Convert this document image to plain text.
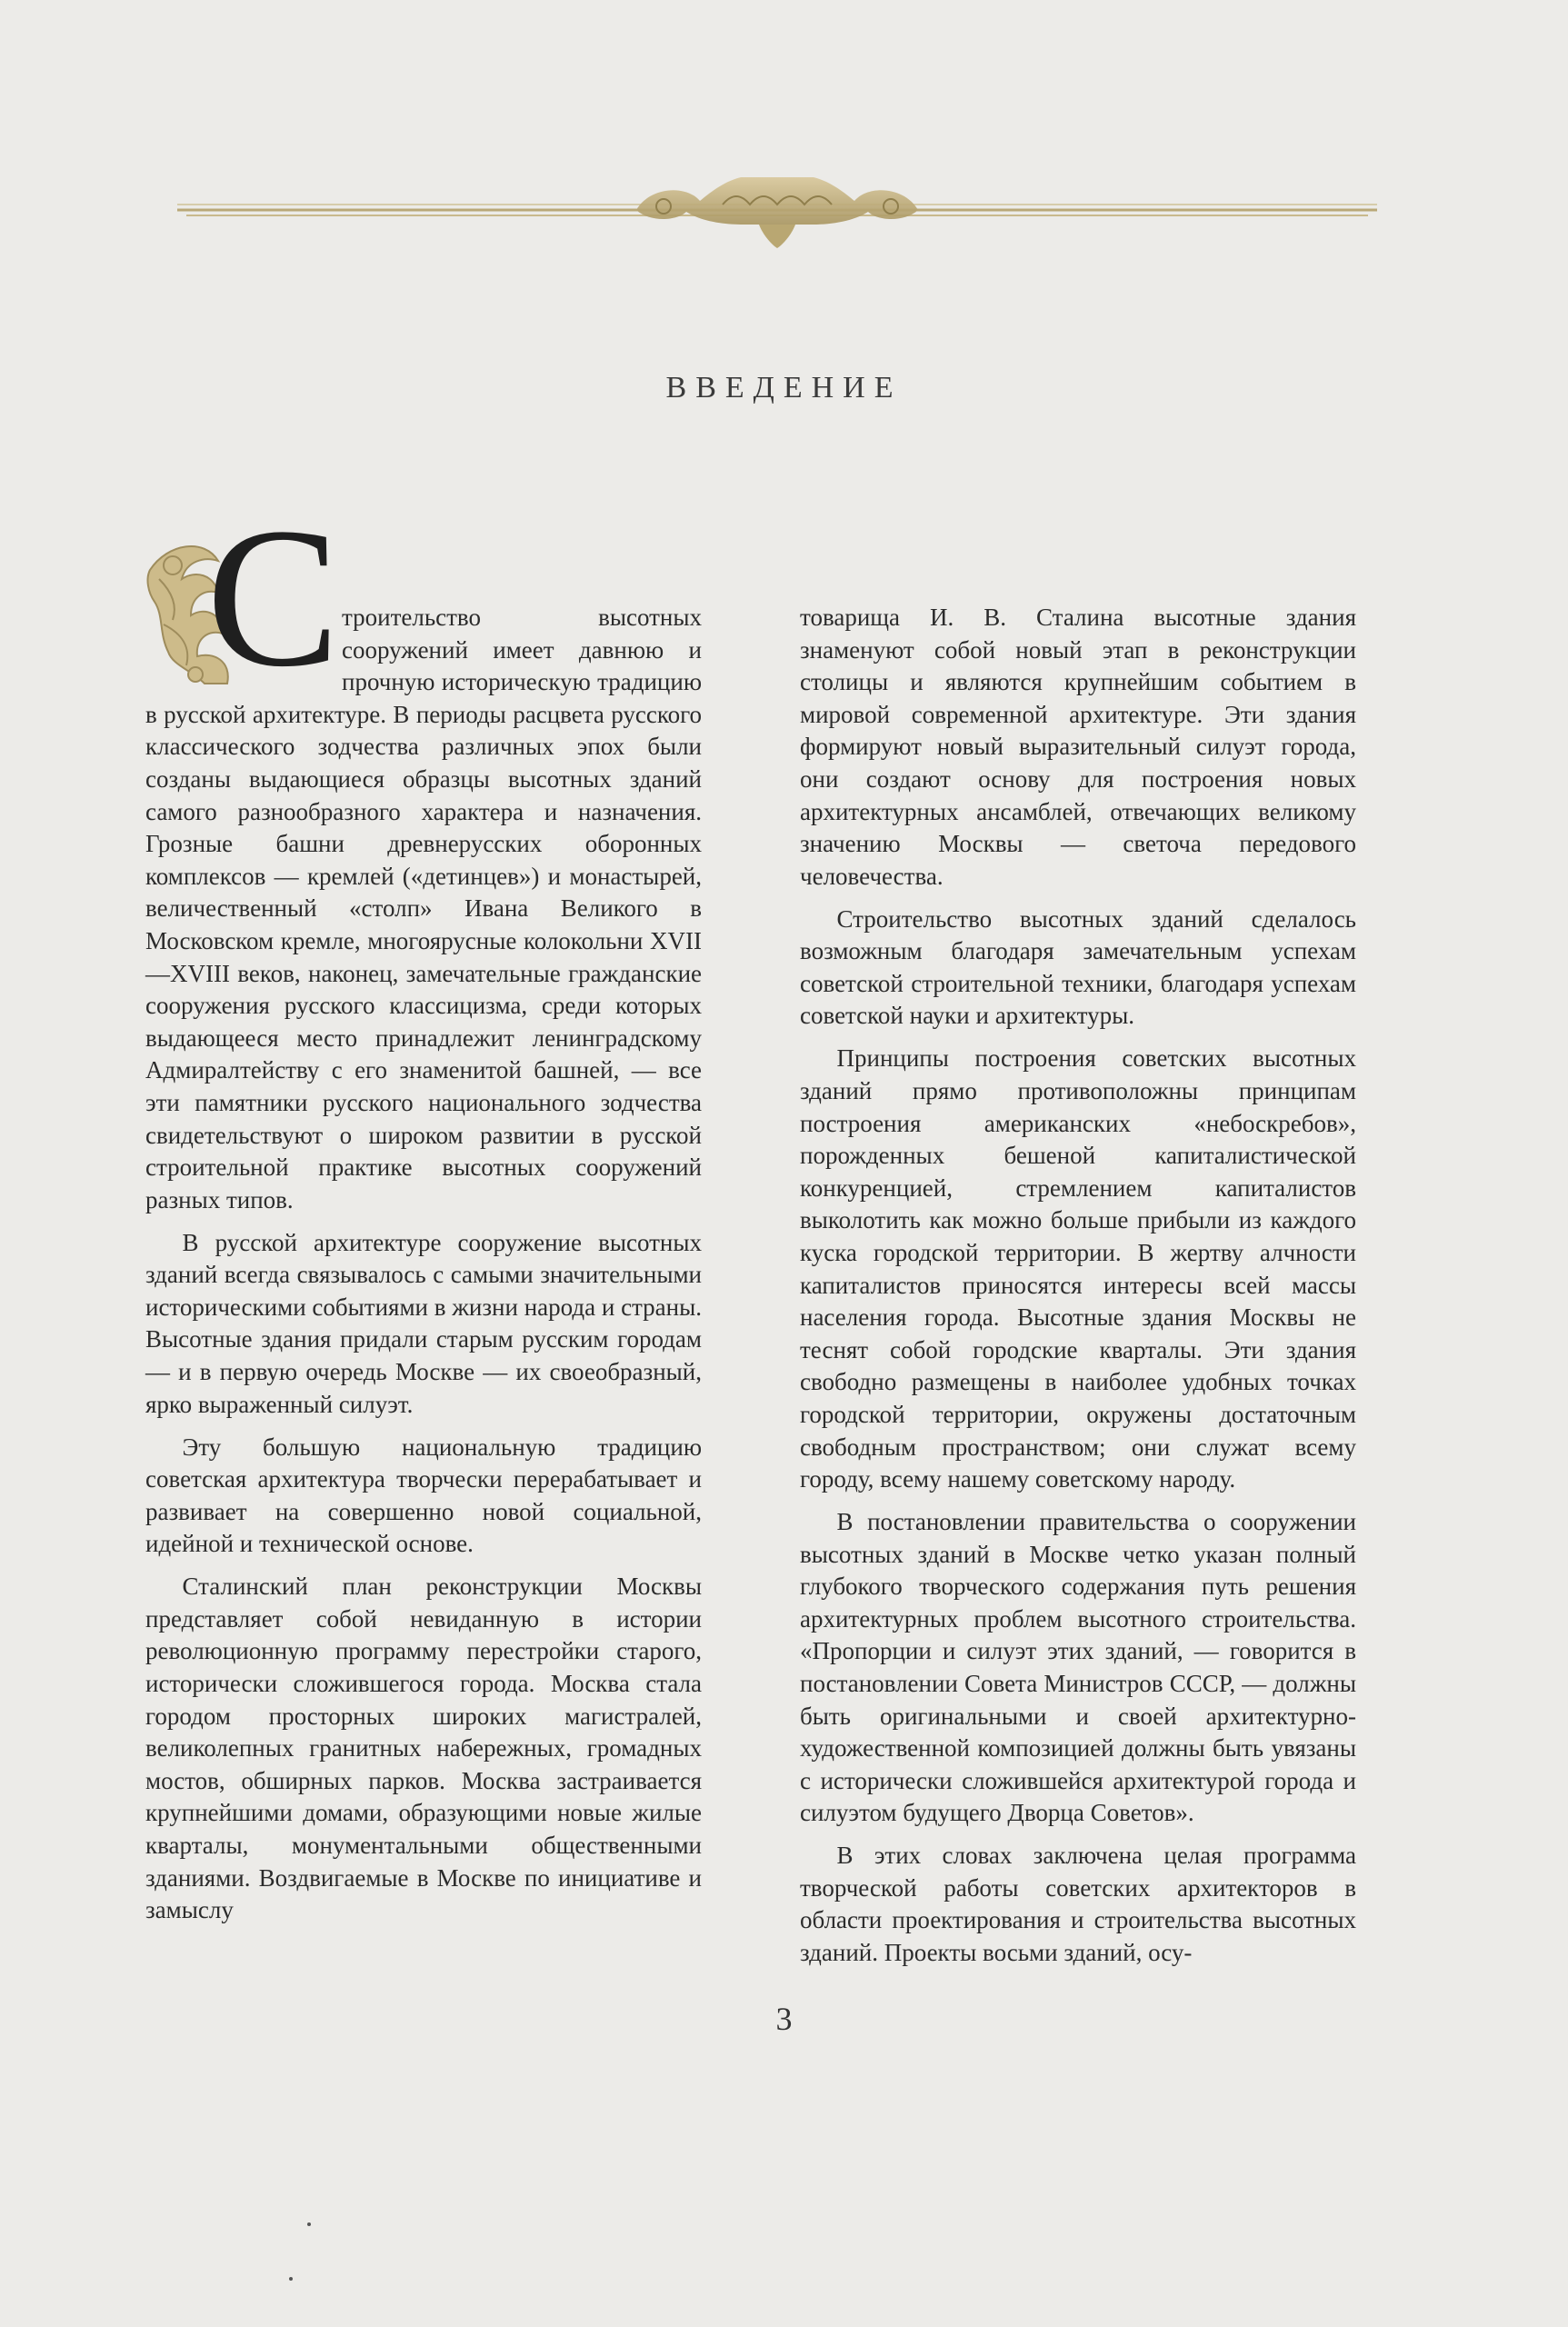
ВВЕДЕНИЕ

С троительство высотных сооружений имеет давнюю и прочную историческую традицию в русской архитектуре. В периоды расцвета русского классического зодчества различных эпох были созданы выдающиеся образцы высотных зданий самого разнообразного характера и назначения. Грозные башни древнерусских оборонных комплексов — кремлей («детинцев») и монастырей, величественный «столп» Ивана Великого в Московском кремле, многоярусные колокольни XVII—XVIII веков, наконец, замечательные гражданские сооружения русского классицизма, среди которых выдающееся место принадлежит ленинградскому Адмиралтейству с его знаменитой башней, — все эти памятники русского национального зодчества свидетельствуют о широком развитии в русской строительной практике высотных сооружений разных типов.

В русской архитектуре сооружение высотных зданий всегда связывалось с самыми значительными историческими событиями в жизни народа и страны. Высотные здания придали старым русским городам — и в первую очередь Москве — их своеобразный, ярко выраженный силуэт.

Эту большую национальную традицию советская архитектура творчески перерабатывает и развивает на совершенно новой социальной, идейной и технической основе.

Сталинский план реконструкции Москвы представляет собой невиданную в истории революционную программу перестройки старого, исторически сложившегося города. Москва стала городом просторных широких магистралей, великолепных гранитных набережных, громадных мостов, обширных парков. Москва застраивается крупнейшими домами, образующими новые жилые кварталы, монументальными общественными зданиями. Воздвигаемые в Москве по инициативе и замыслу

товарища И. В. Сталина высотные здания знаменуют собой новый этап в реконструкции столицы и являются крупнейшим событием в мировой современной архитектуре. Эти здания формируют новый выразительный силуэт города, они создают основу для построения новых архитектурных ансамблей, отвечающих великому значению Москвы — светоча передового человечества.

Строительство высотных зданий сделалось возможным благодаря замечательным успехам советской строительной техники, благодаря успехам советской науки и архитектуры.

Принципы построения советских высотных зданий прямо противоположны принципам построения американских «небоскребов», порожденных бешеной капиталистической конкуренцией, стремлением капиталистов выколотить как можно больше прибыли из каждого куска городской территории. В жертву алчности капиталистов приносятся интересы всей массы населения города. Высотные здания Москвы не теснят собой городские кварталы. Эти здания свободно размещены в наиболее удобных точках городской территории, окружены достаточным свободным пространством; они служат всему городу, всему нашему советскому народу.

В постановлении правительства о сооружении высотных зданий в Москве четко указан полный глубокого творческого содержания путь решения архитектурных проблем высотного строительства. «Пропорции и силуэт этих зданий, — говорится в постановлении Совета Министров СССР, — должны быть оригинальными и своей архитектурно-художественной композицией должны быть увязаны с исторически сложившейся архитектурой города и силуэтом будущего Дворца Советов».

В этих словах заключена целая программа творческой работы советских архитекторов в области проектирования и строительства высотных зданий. Проекты восьми зданий, осу-

3
